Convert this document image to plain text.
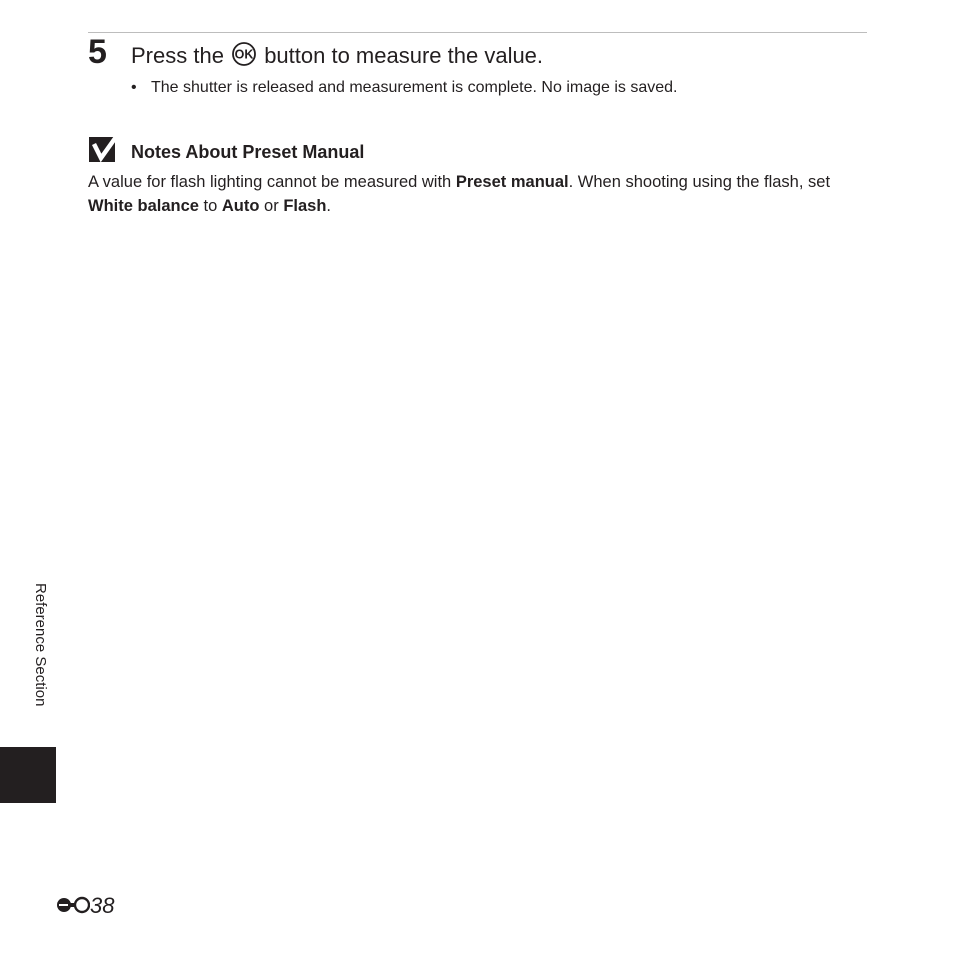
5 Press the OK button to measure the value.
• The shutter is released and measurement is complete. No image is saved.
Notes About Preset Manual
A value for flash lighting cannot be measured with Preset manual. When shooting using the flash, set White balance to Auto or Flash.
Reference Section
38
